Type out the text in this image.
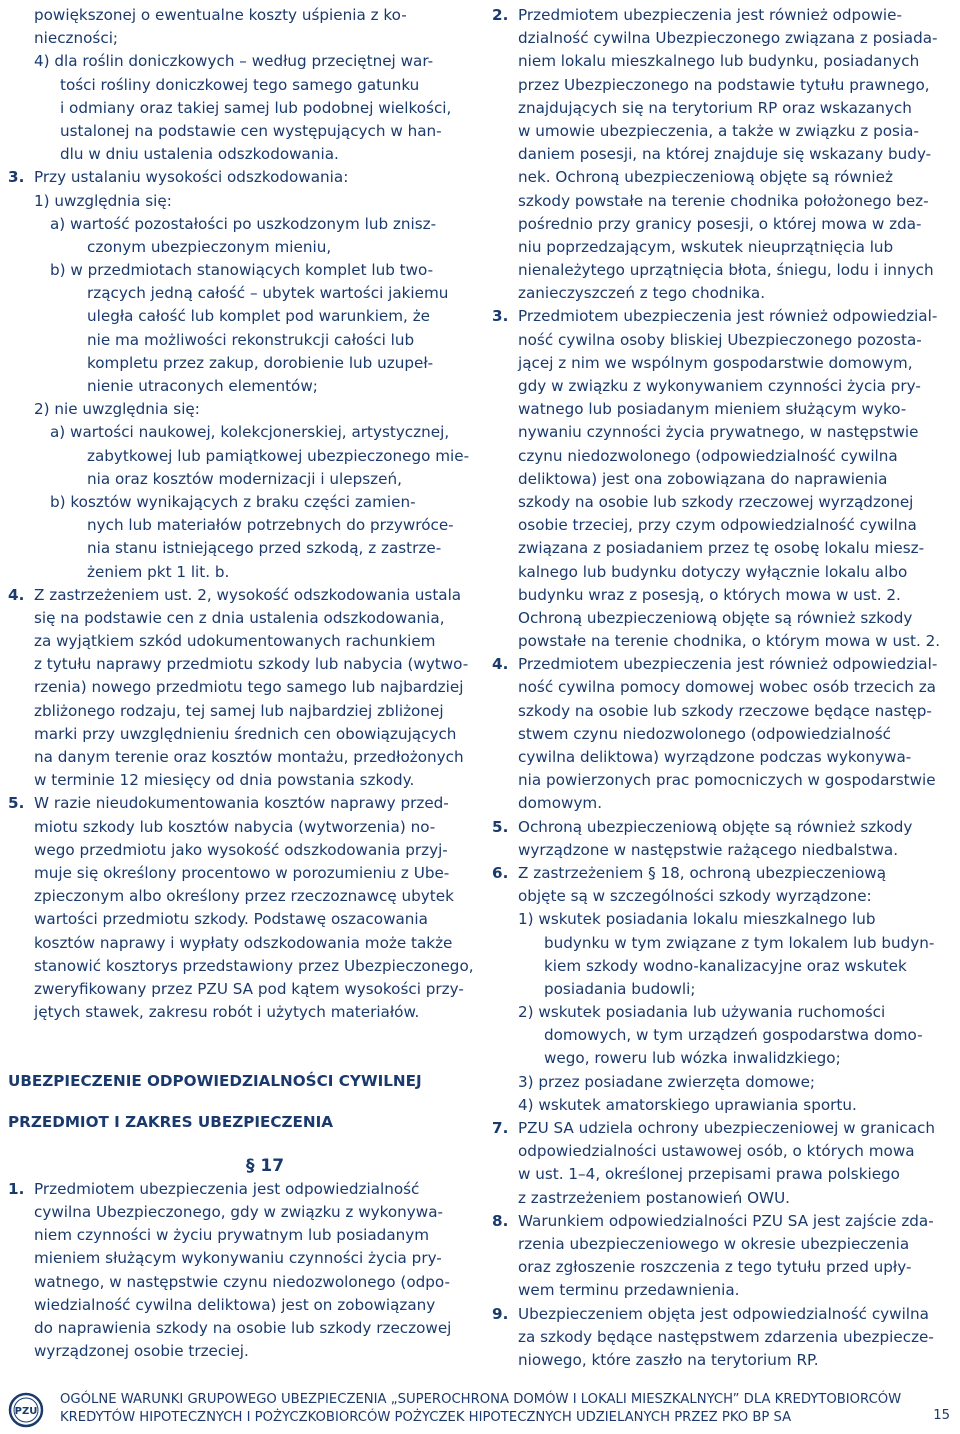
powiększonej o ewentualne koszty uśpienia z ko-
nieczności;
4) dla roślin doniczkowych – według przeciętnej war-
tości rośliny doniczkowej tego samego gatunku
i odmiany oraz takiej samej lub podobnej wielkości,
ustalonej na podstawie cen występujących w han-
dlu w dniu ustalenia odszkodowania.
3. Przy ustalaniu wysokości odszkodowania:
1) uwzględnia się:
a) wartość pozostałości po uszkodzonym lub znisz-
czonym ubezpieczonym mieniu,
b) w przedmiotach stanowiących komplet lub two-
rzących jedną całość – ubytek wartości jakiemu
uległa całość lub komplet pod warunkiem, że
nie ma możliwości rekonstrukcji całości lub
kompletu przez zakup, dorobienie lub uzupeł-
nienie utraconych elementów;
2) nie uwzględnia się:
a) wartości naukowej, kolekcjonerskiej, artystycznej,
zabytkowej lub pamiątkowej ubezpieczonego mie-
nia oraz kosztów modernizacji i ulepszeń,
b) kosztów wynikających z braku części zamien-
nych lub materiałów potrzebnych do przywróce-
nia stanu istniejącego przed szkodą, z zastrze-
żeniem pkt 1 lit. b.
4. Z zastrzeżeniem ust. 2, wysokość odszkodowania ustala
się na podstawie cen z dnia ustalenia odszkodowania,
za wyjątkiem szkód udokumentowanych rachunkiem
z tytułu naprawy przedmiotu szkody lub nabycia (wytwo-
rzenia) nowego przedmiotu tego samego lub najbardziej
zbliżonego rodzaju, tej samej lub najbardziej zbliżonej
marki przy uwzględnieniu średnich cen obowiązujących
na danym terenie oraz kosztów montażu, przedłożonych
w terminie 12 miesięcy od dnia powstania szkody.
5. W razie nieudokumentowania kosztów naprawy przed-
miotu szkody lub kosztów nabycia (wytworzenia) no-
wego przedmiotu jako wysokość odszkodowania przyj-
muje się określony procentowo w porozumieniu z Ube-
zpieczonym albo określony przez rzeczoznawcę ubytek
wartości przedmiotu szkody. Podstawę oszacowania
kosztów naprawy i wypłaty odszkodowania może także
stanowić kosztorys przedstawiony przez Ubezpieczonego,
zweryfikowany przez PZU SA pod kątem wysokości przy-
jętych stawek, zakresu robót i użytych materiałów.
UBEZPIECZENIE ODPOWIEDZIALNOŚCI CYWILNEJ
PRZEDMIOT I ZAKRES UBEZPIECZENIA
§ 17
1. Przedmiotem ubezpieczenia jest odpowiedzialność
cywilna Ubezpieczonego, gdy w związku z wykonywa-
niem czynności w życiu prywatnym lub posiadanym
mieniem służącym wykonywaniu czynności życia pry-
watnego, w następstwie czynu niedozwolonego (odpo-
wiedzialność cywilna deliktowa) jest on zobowiązany
do naprawienia szkody na osobie lub szkody rzeczowej
wyrządzonej osobie trzeciej.
2. Przedmiotem ubezpieczenia jest również odpowie-
dzialność cywilna Ubezpieczonego związana z posiada-
niem lokalu mieszkalnego lub budynku, posiadanych
przez Ubezpieczonego na podstawie tytułu prawnego,
znajdujących się na terytorium RP oraz wskazanych
w umowie ubezpieczenia, a także w związku z posia-
daniem posesji, na której znajduje się wskazany budy-
nek. Ochroną ubezpieczeniową objęte są również
szkody powstałe na terenie chodnika położonego bez-
pośrednio przy granicy posesji, o której mowa w zda-
niu poprzedzającym, wskutek nieuprzątnięcia lub
nienależytego uprzątnięcia błota, śniegu, lodu i innych
zanieczyszczeń z tego chodnika.
3. Przedmiotem ubezpieczenia jest również odpowiedzial-
ność cywilna osoby bliskiej Ubezpieczonego pozosta-
jącej z nim we wspólnym gospodarstwie domowym,
gdy w związku z wykonywaniem czynności życia pry-
watnego lub posiadanym mieniem służącym wyko-
nywaniu czynności życia prywatnego, w następstwie
czynu niedozwolonego (odpowiedzialność cywilna
deliktowa) jest ona zobowiązana do naprawienia
szkody na osobie lub szkody rzeczowej wyrządzonej
osobie trzeciej, przy czym odpowiedzialność cywilna
związana z posiadaniem przez tę osobę lokalu miesz-
kalnego lub budynku dotyczy wyłącznie lokalu albo
budynku wraz z posesją, o których mowa w ust. 2.
Ochroną ubezpieczeniową objęte są również szkody
powstałe na terenie chodnika, o którym mowa w ust. 2.
4. Przedmiotem ubezpieczenia jest również odpowiedzial-
ność cywilna pomocy domowej wobec osób trzecich za
szkody na osobie lub szkody rzeczowe będące następ-
stwem czynu niedozwolonego (odpowiedzialność
cywilna deliktowa) wyrządzone podczas wykonywa-
nia powierzonych prac pomocniczych w gospodarstwie
domowym.
5. Ochroną ubezpieczeniową objęte są również szkody
wyrządzone w następstwie rażącego niedbalstwa.
6. Z zastrzeżeniem § 18, ochroną ubezpieczeniową
objęte są w szczególności szkody wyrządzone:
1) wskutek posiadania lokalu mieszkalnego lub
budynku w tym związane z tym lokalem lub budyn-
kiem szkody wodno-kanalizacyjne oraz wskutek
posiadania budowli;
2) wskutek posiadania lub używania ruchomości
domowych, w tym urządzeń gospodarstwa domo-
wego, roweru lub wózka inwalidzkiego;
3) przez posiadane zwierzęta domowe;
4) wskutek amatorskiego uprawiania sportu.
7. PZU SA udziela ochrony ubezpieczeniowej w granicach
odpowiedzialności ustawowej osób, o których mowa
w ust. 1–4, określonej przepisami prawa polskiego
z zastrzeżeniem postanowień OWU.
8. Warunkiem odpowiedzialności PZU SA jest zajście zda-
rzenia ubezpieczeniowego w okresie ubezpieczenia
oraz zgłoszenie roszczenia z tego tytułu przed upły-
wem terminu przedawnienia.
9. Ubezpieczeniem objęta jest odpowiedzialność cywilna
za szkody będące następstwem zdarzenia ubezpiecze-
niowego, które zaszło na terytorium RP.
PZU
OGÓLNE WARUNKI GRUPOWEGO UBEZPIECZENIA „SUPEROCHRONA DOMÓW I LOKALI MIESZKALNYCH” DLA KREDYTOBIORCÓW
KREDYTÓW HIPOTECZNYCH I POŻYCZKOBIORCÓW POŻYCZEK HIPOTECZNYCH UDZIELANYCH PRZEZ PKO BP SA	15
